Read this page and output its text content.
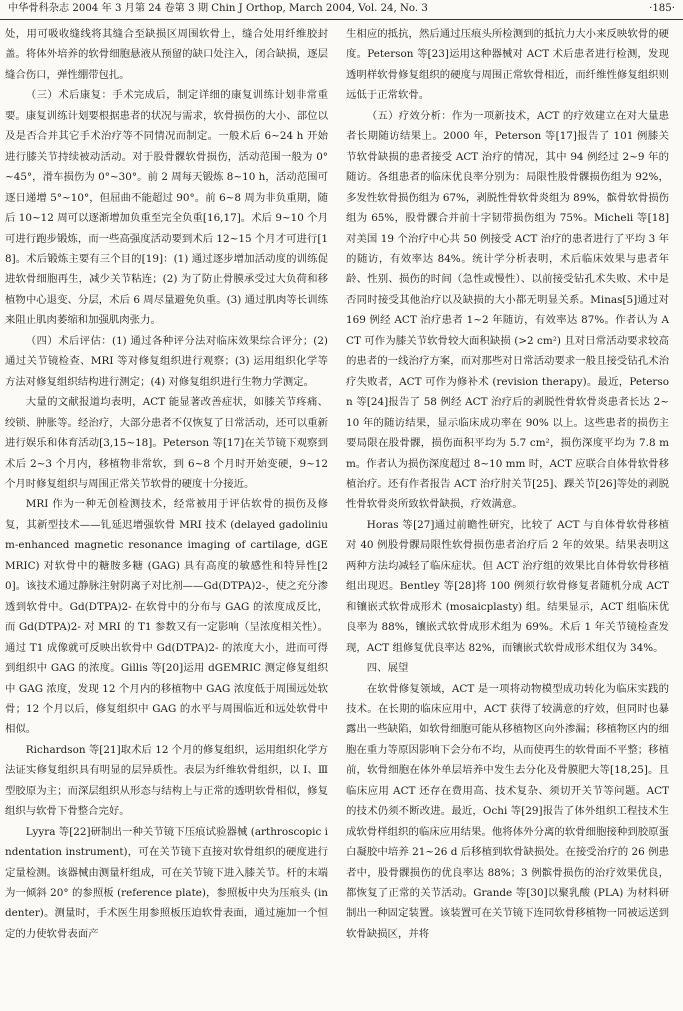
中华骨科杂志 2004 年 3 月第 24 卷第 3 期 Chin J Orthop, March 2004, Vol. 24, No. 3	·185·

处，用可吸收缝线将其缝合至缺损区周围软骨上，缝合处用纤维胶封盖。将体外培养的软骨细胞悬液从预留的缺口处注入，闭合缺损，逐层缝合伤口，弹性绷带包扎。

（三）术后康复：手术完成后，制定详细的康复训练计划非常重要。康复训练计划要根据患者的状况与需求，软骨损伤的大小、部位以及是否合并其它手术治疗等不同情况而制定。一般术后 6~24 h 开始进行膝关节持续被动活动。对于股骨髁软骨损伤，活动范围一般为 0°~45°，滑车损伤为 0°~30°。前 2 周每天锻炼 8~10 h，活动范围可逐日递增 5°~10°，但屈曲不能超过 90°。前 6~8 周为非负重期，随后 10~12 周可以逐渐增加负重至完全负重[16,17]。术后 9~10 个月可进行跑步锻炼，而一些高强度活动要到术后 12~15 个月才可进行[18]。术后锻炼主要有三个目的[19]：(1) 通过逐步增加活动度的训练促进软骨细胞再生，减少关节粘连；(2) 为了防止骨膜承受过大负荷和移植物中心退变、分层，术后 6 周尽量避免负重。(3) 通过肌肉等长训练来阻止肌肉萎缩和加强肌肉张力。

（四）术后评估：(1) 通过各种评分法对临床效果综合评分；(2) 通过关节镜检查、MRI 等对修复组织进行观察；(3) 运用组织化学等方法对修复组织结构进行测定；(4) 对修复组织进行生物力学测定。

大量的文献报道均表明，ACT 能显著改善症状，如膝关节疼痛、绞锁、肿胀等。经治疗，大部分患者不仅恢复了日常活动，还可以重新进行娱乐和体育活动[3,15~18]。Peterson 等[17]在关节镜下观察到术后 2~3 个月内，移植物非常软，到 6~8 个月时开始变硬，9~12 个月时修复组织与周围正常关节软骨的硬度十分接近。

MRI 作为一种无创检测技术，经常被用于评估软骨的损伤及修复，其新型技术——钆延迟增强软骨 MRI 技术 (delayed gadolinium-enhanced magnetic resonance imaging of cartilage, dGEMRIC) 对软骨中的糖胺多糖 (GAG) 具有高度的敏感性和特异性[20]。该技术通过静脉注射阴离子对比剂——Gd(DTPA)2-，使之充分渗透到软骨中。Gd(DTPA)2- 在软骨中的分布与 GAG 的浓度成反比，而 Gd(DTPA)2- 对 MRI 的 T1 参数又有一定影响（呈浓度相关性）。通过 T1 成像就可反映出软骨中 Gd(DTPA)2- 的浓度大小，进而可得到组织中 GAG 的浓度。Gillis 等[20]运用 dGEMRIC 测定修复组织中 GAG 浓度，发现 12 个月内的移植物中 GAG 浓度低于周围远处软骨；12 个月以后，修复组织中 GAG 的水平与周围临近和远处软骨中相似。

Richardson 等[21]取术后 12 个月的修复组织，运用组织化学方法证实修复组织具有明显的层异质性。表层为纤维软骨组织，以 Ⅰ、Ⅲ 型胶原为主；而深层组织从形态与结构上与正常的透明软骨相似，修复组织与软骨下骨整合完好。

Lyyra 等[22]研制出一种关节镜下压痕试验器械 (arthroscopic indentation instrument)，可在关节镜下直接对软骨组织的硬度进行定量检测。该器械由测量杆组成，可在关节镜下进入膝关节。杆的末端为一倾斜 20° 的参照板 (reference plate)，参照板中央为压痕头 (indenter)。测量时，手术医生用参照板压迫软骨表面，通过施加一个恒定的力使软骨表面产

生相应的抵抗，然后通过压痕头所检测到的抵抗力大小来反映软骨的硬度。Peterson 等[23]运用这种器械对 ACT 术后患者进行检测，发现透明样软骨修复组织的硬度与周围正常软骨相近，而纤维性修复组织则远低于正常软骨。

（五）疗效分析：作为一项新技术，ACT 的疗效建立在对大量患者长期随访结果上。2000 年，Peterson 等[17]报告了 101 例膝关节软骨缺损的患者接受 ACT 治疗的情况，其中 94 例经过 2~9 年的随访。各组患者的临床优良率分别为：局限性股骨髁损伤组为 92%，多发性软骨损伤组为 67%，剥脱性骨软骨炎组为 89%，髌骨软骨损伤组为 65%，股骨髁合并前十字韧带损伤组为 75%。Micheli 等[18]对美国 19 个治疗中心共 50 例接受 ACT 治疗的患者进行了平均 3 年的随访，有效率达 84%。统计学分析表明，术后临床效果与患者年龄、性别、损伤的时间（急性或慢性）、以前接受钻孔术失败、术中是否同时接受其他治疗以及缺损的大小都无明显关系。Minas[5]通过对 169 例经 ACT 治疗患者 1~2 年随访，有效率达 87%。作者认为 ACT 可作为膝关节软骨较大面积缺损 (>2 cm²) 且对日常活动要求较高的患者的一线治疗方案，而对那些对日常活动要求一般且接受钻孔术治疗失败者，ACT 可作为修补术 (revision therapy)。最近，Peterson 等[24]报告了 58 例经 ACT 治疗后的剥脱性骨软骨炎患者长达 2~10 年的随访结果，显示临床成功率在 90% 以上。这些患者的损伤主要局限在股骨髁，损伤面积平均为 5.7 cm²，损伤深度平均为 7.8 mm。作者认为损伤深度超过 8~10 mm 时，ACT 应联合自体骨软骨移植治疗。还有作者报告 ACT 治疗肘关节[25]、踝关节[26]等处的剥脱性骨软骨炎所致软骨缺损，疗效满意。

Horas 等[27]通过前瞻性研究，比较了 ACT 与自体骨软骨移植对 40 例股骨髁局限性软骨损伤患者治疗后 2 年的效果。结果表明这两种方法均减轻了临床症状。但 ACT 治疗组的效果比自体骨软骨移植组出现迟。Bentley 等[28]将 100 例须行软骨修复者随机分成 ACT 和镶嵌式软骨成形术 (mosaicplasty) 组。结果显示，ACT 组临床优良率为 88%，镶嵌式软骨成形术组为 69%。术后 1 年关节镜检查发现，ACT 组修复优良率达 82%，而镶嵌式软骨成形术组仅为 34%。

四、展望

在软骨修复领域，ACT 是一项将动物模型成功转化为临床实践的技术。在长期的临床应用中，ACT 获得了较满意的疗效，但同时也暴露出一些缺陷，如软骨细胞可能从移植物区向外渗漏；移植物区内的细胞在重力等原因影响下会分布不均，从而使再生的软骨面不平整；移植前，软骨细胞在体外单层培养中发生去分化及骨膜肥大等[18,25]。且临床应用 ACT 还存在费用高、技术复杂、须切开关节等问题。ACT 的技术仍须不断改进。最近，Ochi 等[29]报告了体外组织工程技术生成软骨样组织的临床应用结果。他将体外分离的软骨细胞接种到胶原蛋白凝胶中培养 21~26 d 后移植到软骨缺损处。在接受治疗的 26 例患者中，股骨髁损伤的优良率达 88%；3 例髌骨损伤的治疗效果优良，都恢复了正常的关节活动。Grande 等[30]以聚乳酸 (PLA) 为材料研制出一种固定装置。该装置可在关节镜下连同软骨移植物一同被运送到软骨缺损区，并将
